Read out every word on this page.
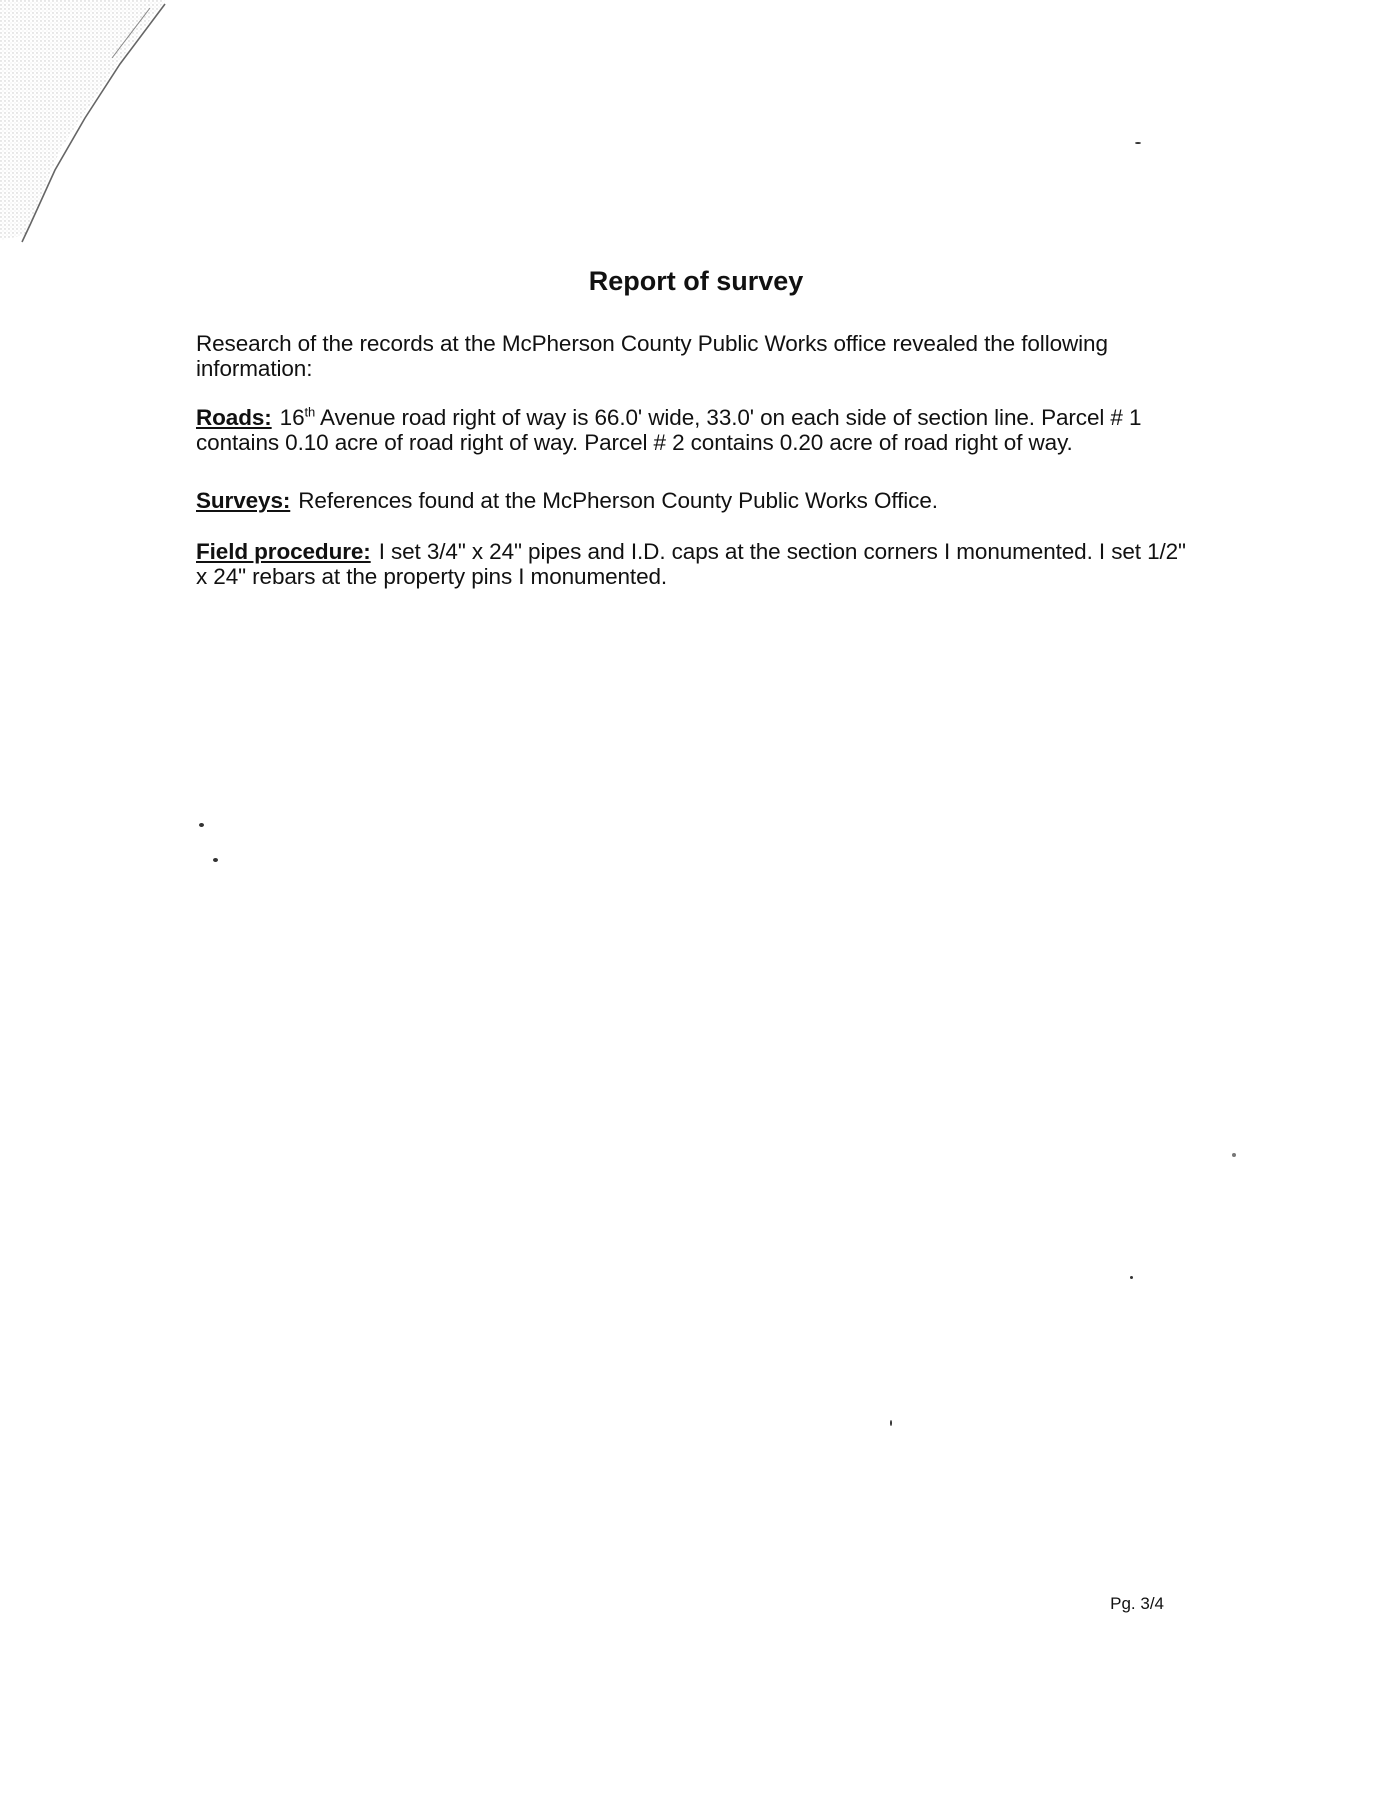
Report of survey
Research of the records at the McPherson County Public Works office revealed the following information:
Roads: 16th Avenue road right of way is 66.0' wide, 33.0' on each side of section line. Parcel # 1 contains 0.10 acre of road right of way. Parcel # 2 contains 0.20 acre of road right of way.
Surveys: References found at the McPherson County Public Works Office.
Field procedure: I set 3/4" x 24" pipes and I.D. caps at the section corners I monumented. I set 1/2" x 24" rebars at the property pins I monumented.
Pg. 3/4
